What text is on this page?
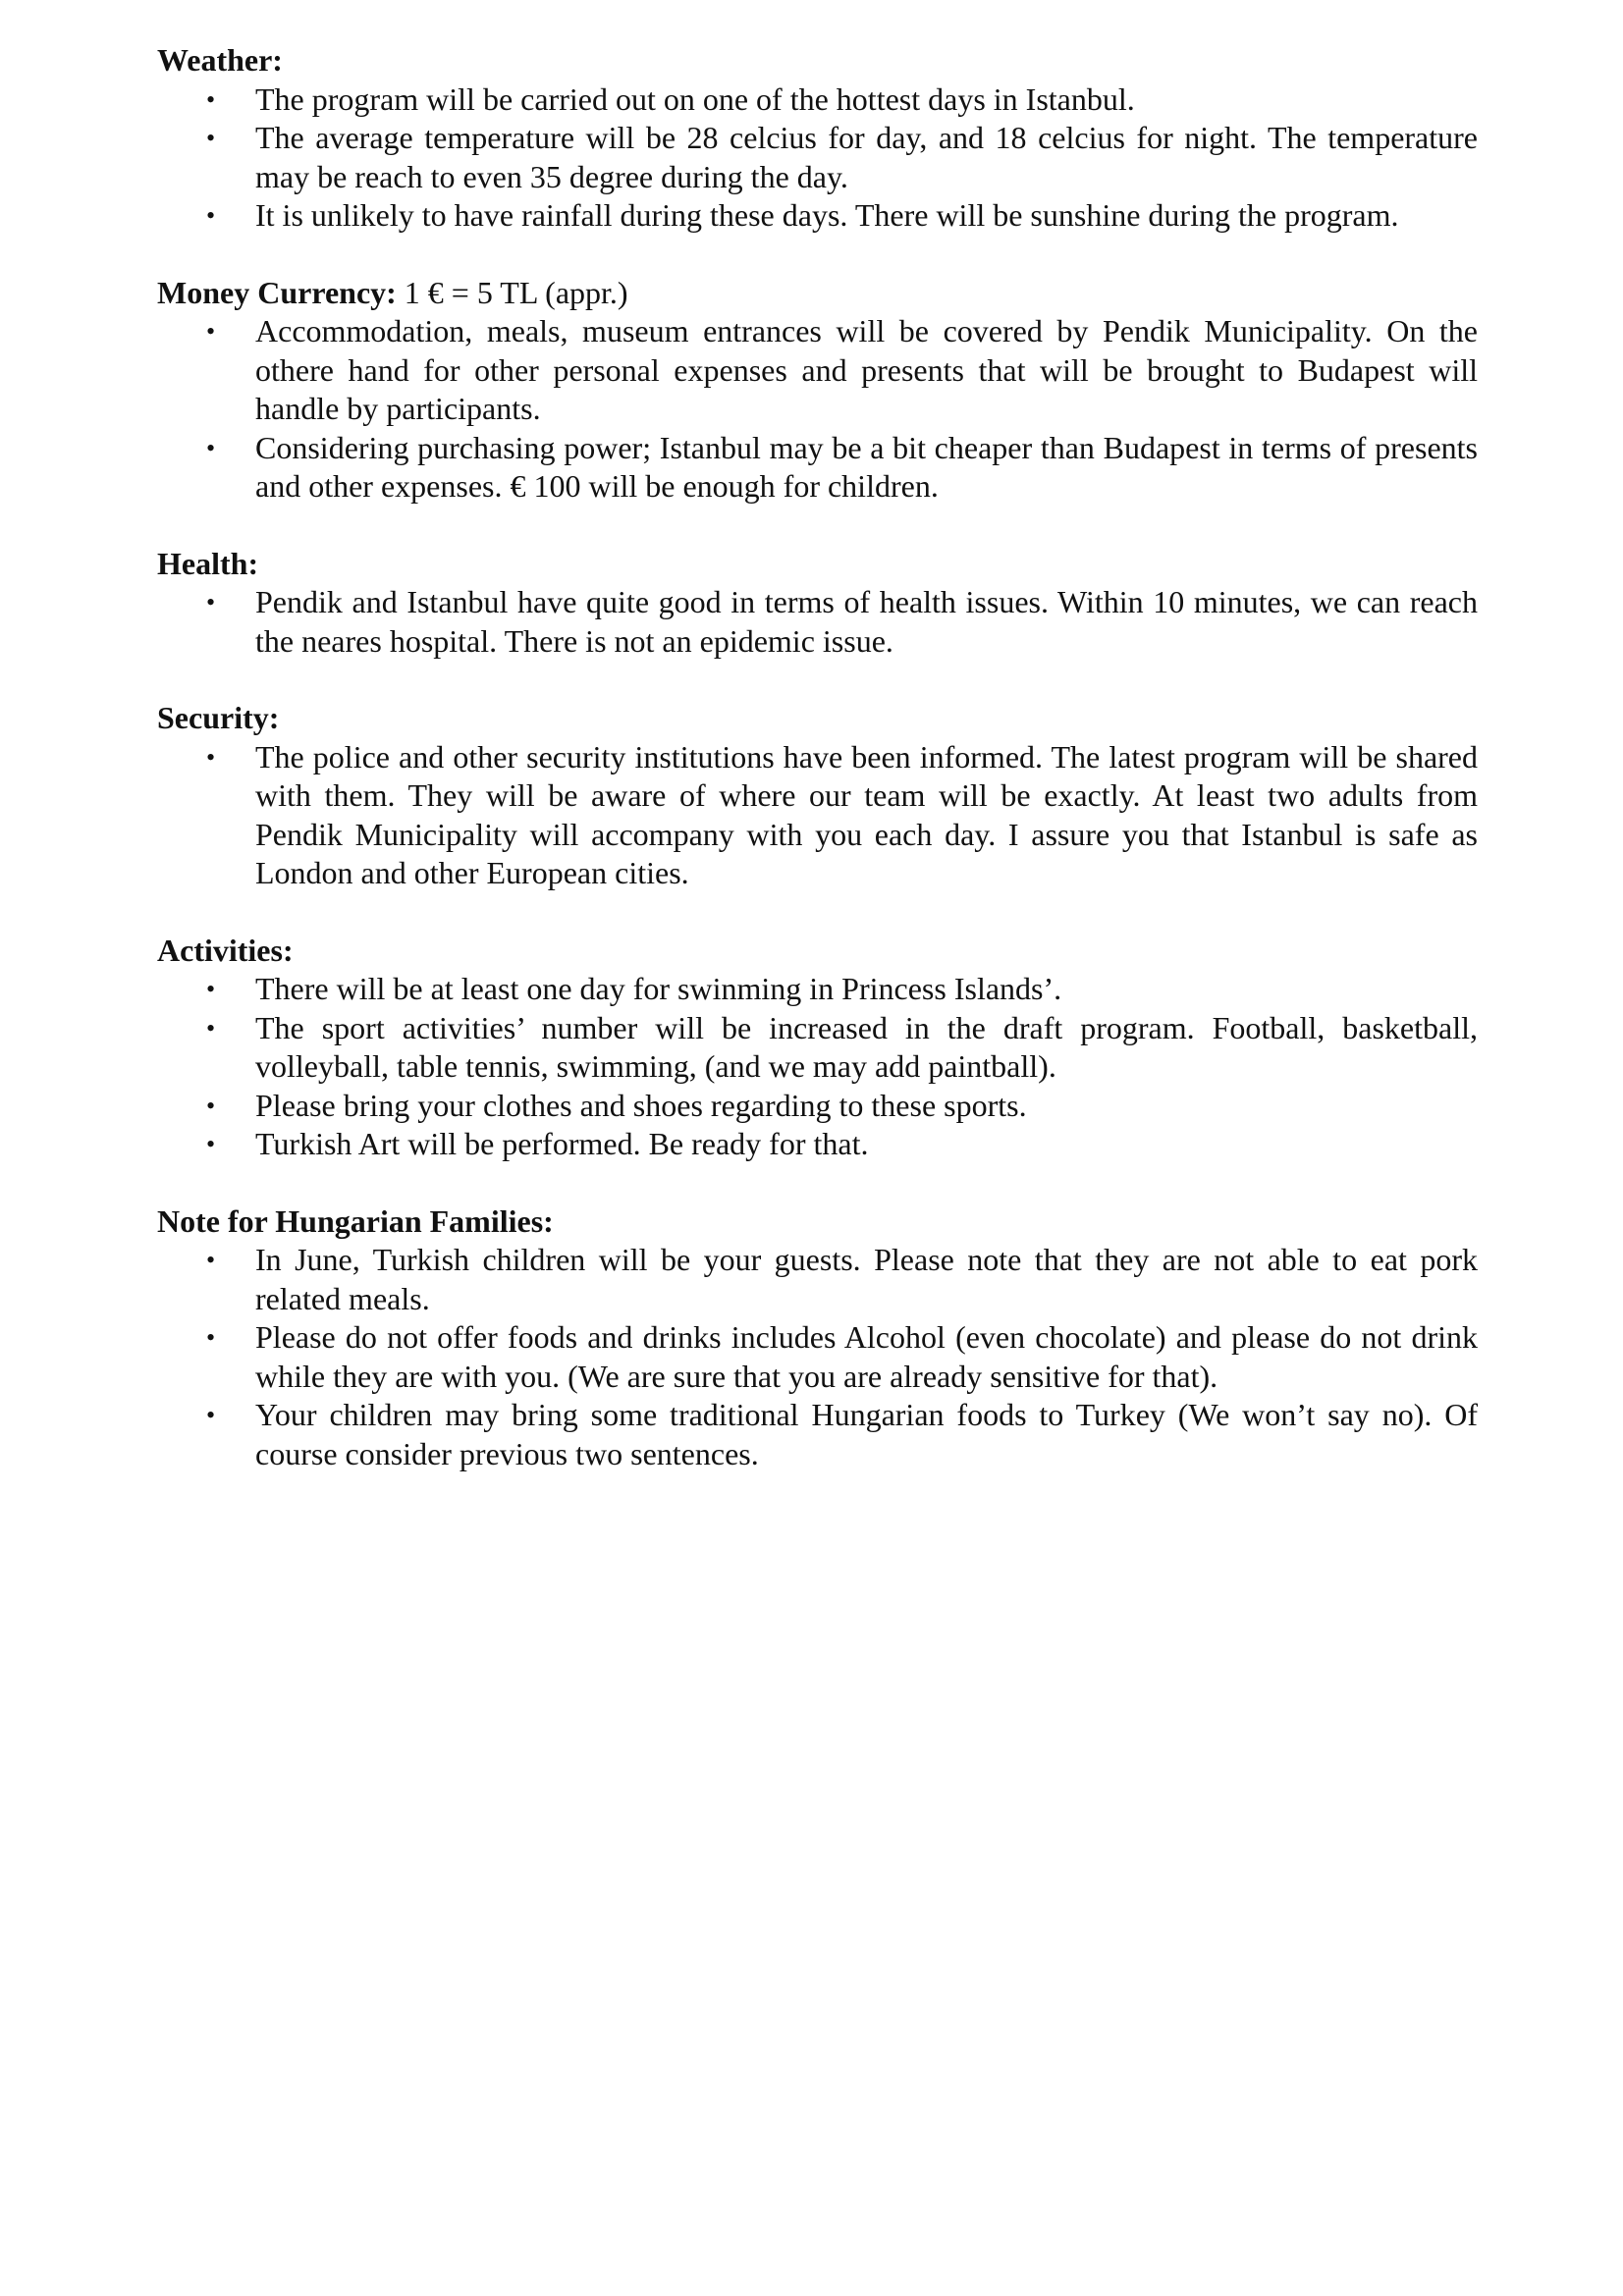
Weather:

•	The program will be carried out on one of the hottest days in Istanbul.
•	The average temperature will be 28 celcius for day, and 18 celcius for night. The temperature may be reach to even 35 degree during the day.
•	It is unlikely to have rainfall during these days. There will be sunshine during the program.

Money Currency: 1 € = 5 TL (appr.)

•	Accommodation, meals, museum entrances will be covered by Pendik Municipality. On the othere hand for other personal expenses and presents that will be brought to Budapest will handle by participants.
•	Considering purchasing power; Istanbul may be a bit cheaper than Budapest in terms of presents and other expenses. € 100 will be enough for children.

Health:

•	Pendik and Istanbul have quite good in terms of health issues. Within 10 minutes, we can reach the neares hospital. There is not an epidemic issue.

Security:

•	The police and other security institutions have been informed. The latest program will be shared with them. They will be aware of where our team will be exactly. At least two adults from Pendik Municipality will accompany with you each day. I assure you that Istanbul is safe as London and other European cities.

Activities:

•	There will be at least one day for swinming in Princess Islands’.
•	The sport activities’ number will be increased in the draft program. Football, basketball, volleyball, table tennis, swimming, (and we may add paintball).
•	Please bring your clothes and shoes regarding to these sports.
•	Turkish Art will be performed. Be ready for that.

Note for Hungarian Families:

•	In June, Turkish children will be your guests. Please note that they are not able to eat pork related meals.
•	Please do not offer foods and drinks includes Alcohol (even chocolate) and please do not drink while they are with you. (We are sure that you are already sensitive for that).
•	Your children may bring some traditional Hungarian foods to Turkey (We won’t say no). Of course consider previous two sentences.
